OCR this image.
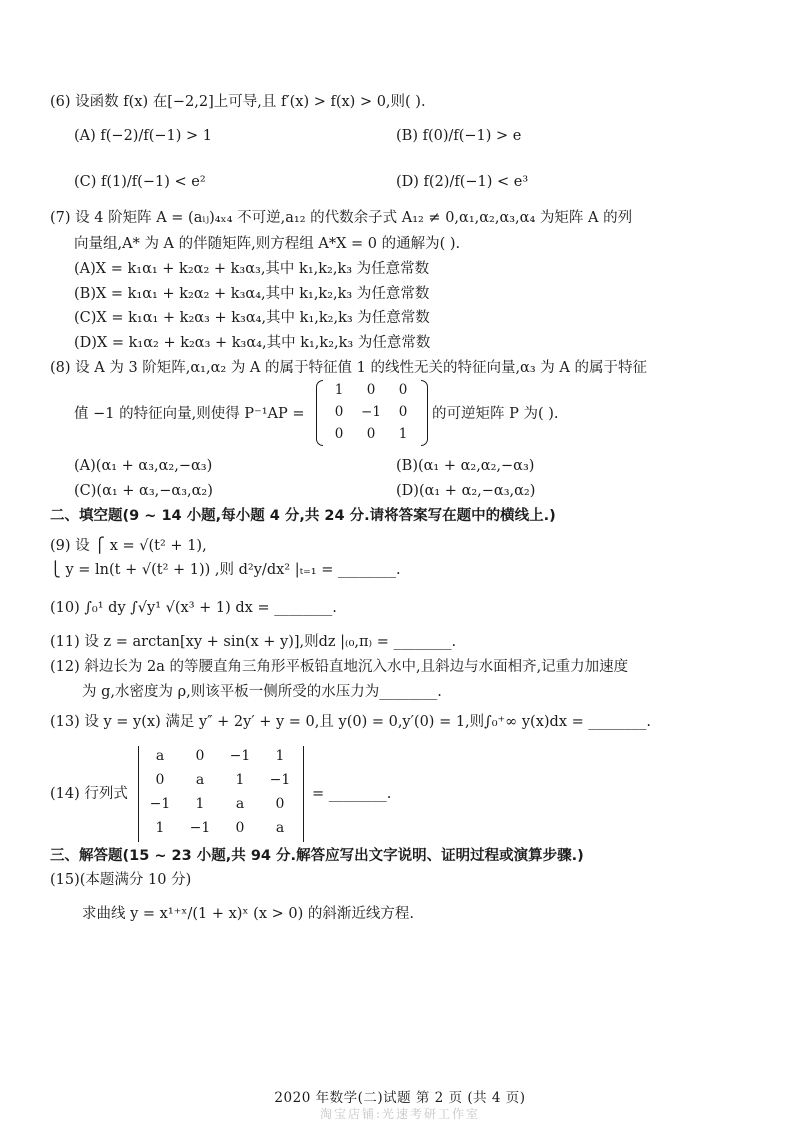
(6) 设函数 f(x) 在[−2,2]上可导,且 f′(x) > f(x) > 0,则( ).
(A) f(−2)/f(−1) > 1	(B) f(0)/f(−1) > e
(C) f(1)/f(−1) < e²	(D) f(2)/f(−1) < e³
(7) 设 4 阶矩阵 A = (aᵢⱼ)₄ₓ₄ 不可逆,a₁₂ 的代数余子式 A₁₂ ≠ 0,α₁,α₂,α₃,α₄ 为矩阵 A 的列
向量组,A* 为 A 的伴随矩阵,则方程组 A*X = 0 的通解为( ).
(A)X = k₁α₁ + k₂α₂ + k₃α₃,其中 k₁,k₂,k₃ 为任意常数
(B)X = k₁α₁ + k₂α₂ + k₃α₄,其中 k₁,k₂,k₃ 为任意常数
(C)X = k₁α₁ + k₂α₃ + k₃α₄,其中 k₁,k₂,k₃ 为任意常数
(D)X = k₁α₂ + k₂α₃ + k₃α₄,其中 k₁,k₂,k₃ 为任意常数
(8) 设 A 为 3 阶矩阵,α₁,α₂ 为 A 的属于特征值 1 的线性无关的特征向量,α₃ 为 A 的属于特征
值 −1 的特征向量,则使得 P⁻¹AP =
1	0	0
0	−1	0
0	0	1
的可逆矩阵 P 为( ).
(A)(α₁ + α₃,α₂,−α₃)	(B)(α₁ + α₂,α₂,−α₃)
(C)(α₁ + α₃,−α₃,α₂)	(D)(α₁ + α₂,−α₃,α₂)
二、填空题(9 ~ 14 小题,每小题 4 分,共 24 分.请将答案写在题中的横线上.)
(9) 设 ⎧ x = √(t² + 1),
⎩ y = ln(t + √(t² + 1)) ,则 d²y/dx² |ₜ₌₁ = ________.
(10) ∫₀¹ dy ∫√y¹ √(x³ + 1) dx = ________.
(11) 设 z = arctan[xy + sin(x + y)],则dz |₍₀,π₎ = ________.
(12) 斜边长为 2a 的等腰直角三角形平板铅直地沉入水中,且斜边与水面相齐,记重力加速度
为 g,水密度为 ρ,则该平板一侧所受的水压力为________.
(13) 设 y = y(x) 满足 y″ + 2y′ + y = 0,且 y(0) = 0,y′(0) = 1,则∫₀⁺∞ y(x)dx = ________.
(14) 行列式
a	0	−1	1
0	a	1	−1
−1	1	a	0
1	−1	0	a
= ________.
三、解答题(15 ~ 23 小题,共 94 分.解答应写出文字说明、证明过程或演算步骤.)
(15)(本题满分 10 分)
求曲线 y = x¹⁺ˣ/(1 + x)ˣ (x > 0) 的斜渐近线方程.
2020 年数学(二)试题 第 2 页 (共 4 页)
淘宝店铺:光速考研工作室
